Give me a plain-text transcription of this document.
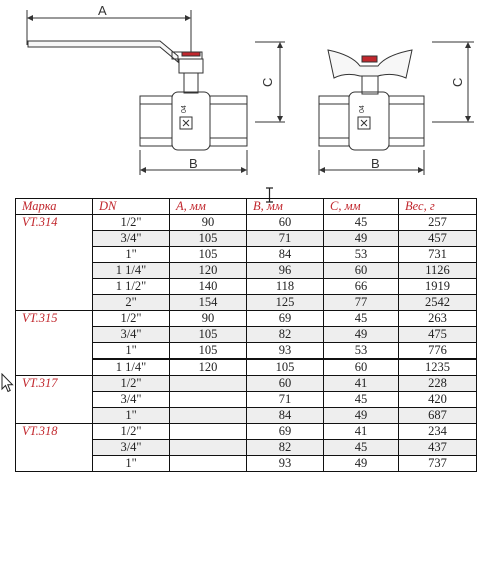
A
B
C
04
B
C
04
Марка	DN	А, мм	В, мм	С, мм	Вес, г
VT.314	1/2"	90	60	45	257
	3/4"	105	71	49	457
	1"	105	84	53	731
	1 1/4"	120	96	60	1126
	1 1/2"	140	118	66	1919
	2"	154	125	77	2542
VT.315	1/2"	90	69	45	263
	3/4"	105	82	49	475
	1"	105	93	53	776
	1 1/4"	120	105	60	1235
VT.317	1/2"		60	41	228
	3/4"		71	45	420
	1"		84	49	687
VT.318	1/2"		69	41	234
	3/4"		82	45	437
	1"		93	49	737
